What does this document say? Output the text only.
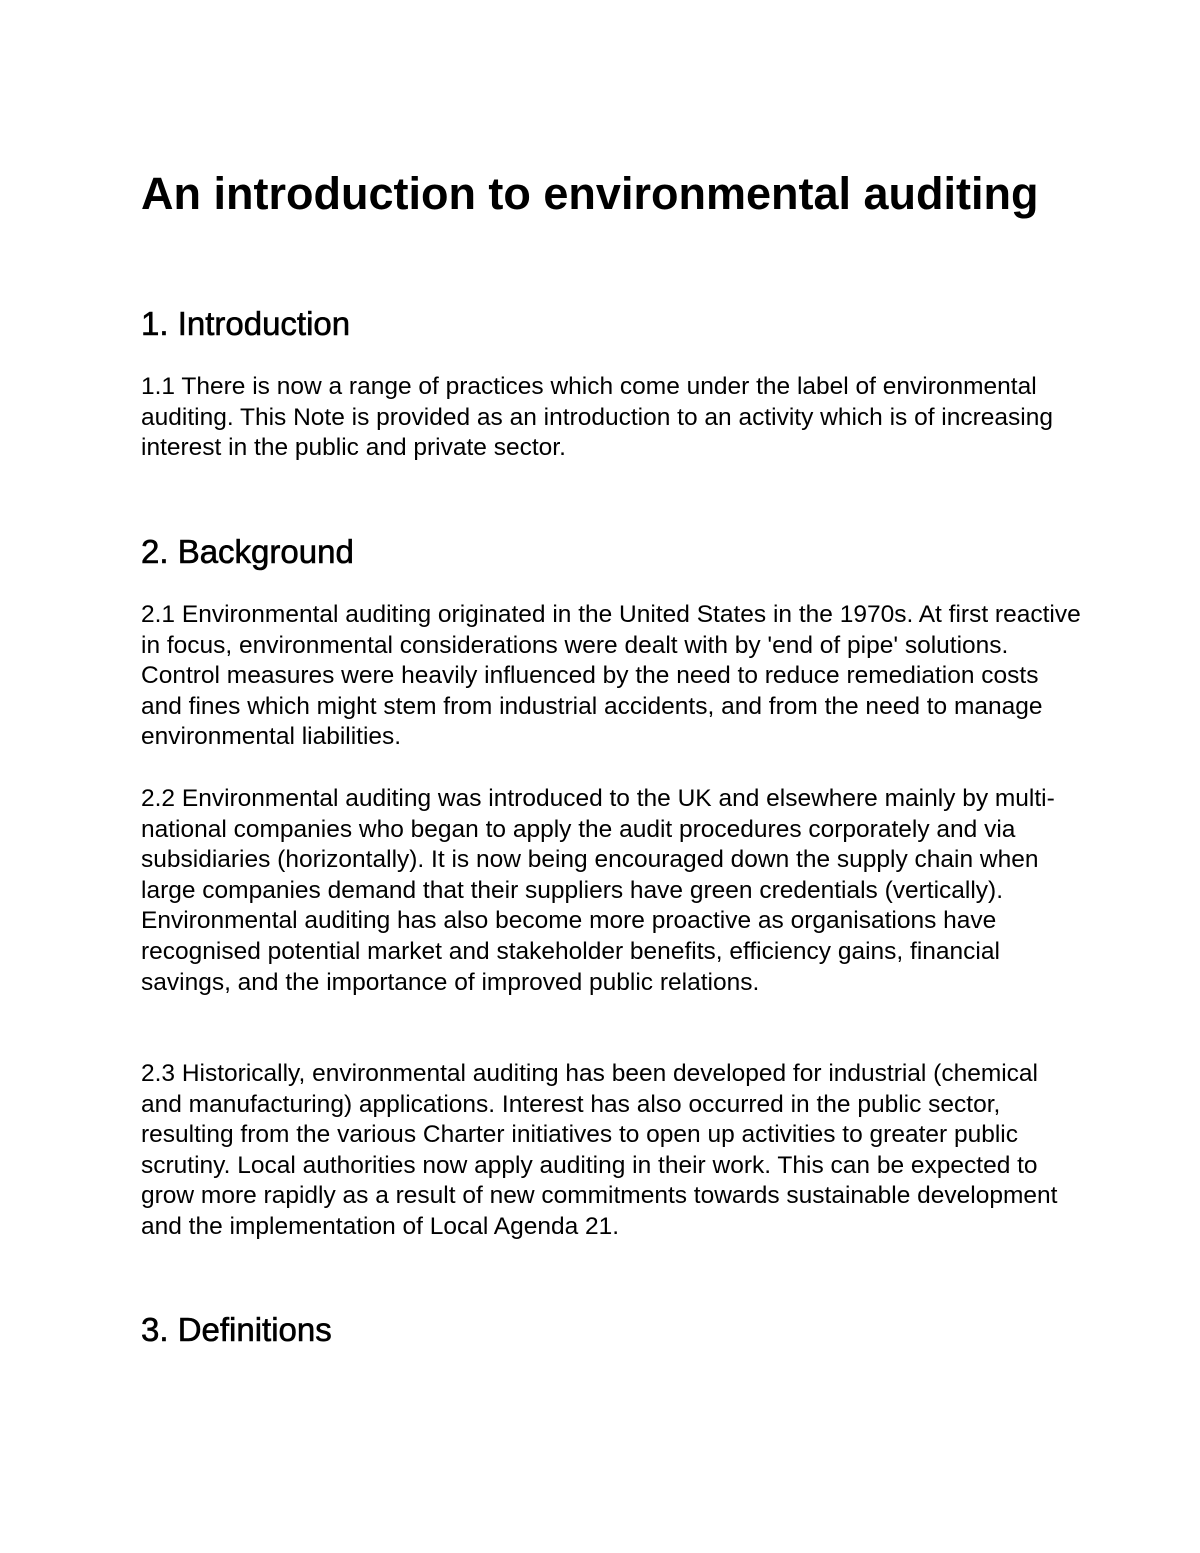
An introduction to environmental auditing
1. Introduction

1.1 There is now a range of practices which come under the label of environmental auditing. This Note is provided as an introduction to an activity which is of increasing interest in the public and private sector.

2. Background

2.1 Environmental auditing originated in the United States in the 1970s. At first reactive in focus, environmental considerations were dealt with by 'end of pipe' solutions. Control measures were heavily influenced by the need to reduce remediation costs and fines which might stem from industrial accidents, and from the need to manage environmental liabilities.

2.2 Environmental auditing was introduced to the UK and elsewhere mainly by multi-national companies who began to apply the audit procedures corporately and via subsidiaries (horizontally). It is now being encouraged down the supply chain when large companies demand that their suppliers have green credentials (vertically). Environmental auditing has also become more proactive as organisations have recognised potential market and stakeholder benefits, efficiency gains, financial savings, and the importance of improved public relations.

2.3 Historically, environmental auditing has been developed for industrial (chemical and manufacturing) applications. Interest has also occurred in the public sector, resulting from the various Charter initiatives to open up activities to greater public scrutiny. Local authorities now apply auditing in their work. This can be expected to grow more rapidly as a result of new commitments towards sustainable development and the implementation of Local Agenda 21.

3. Definitions
